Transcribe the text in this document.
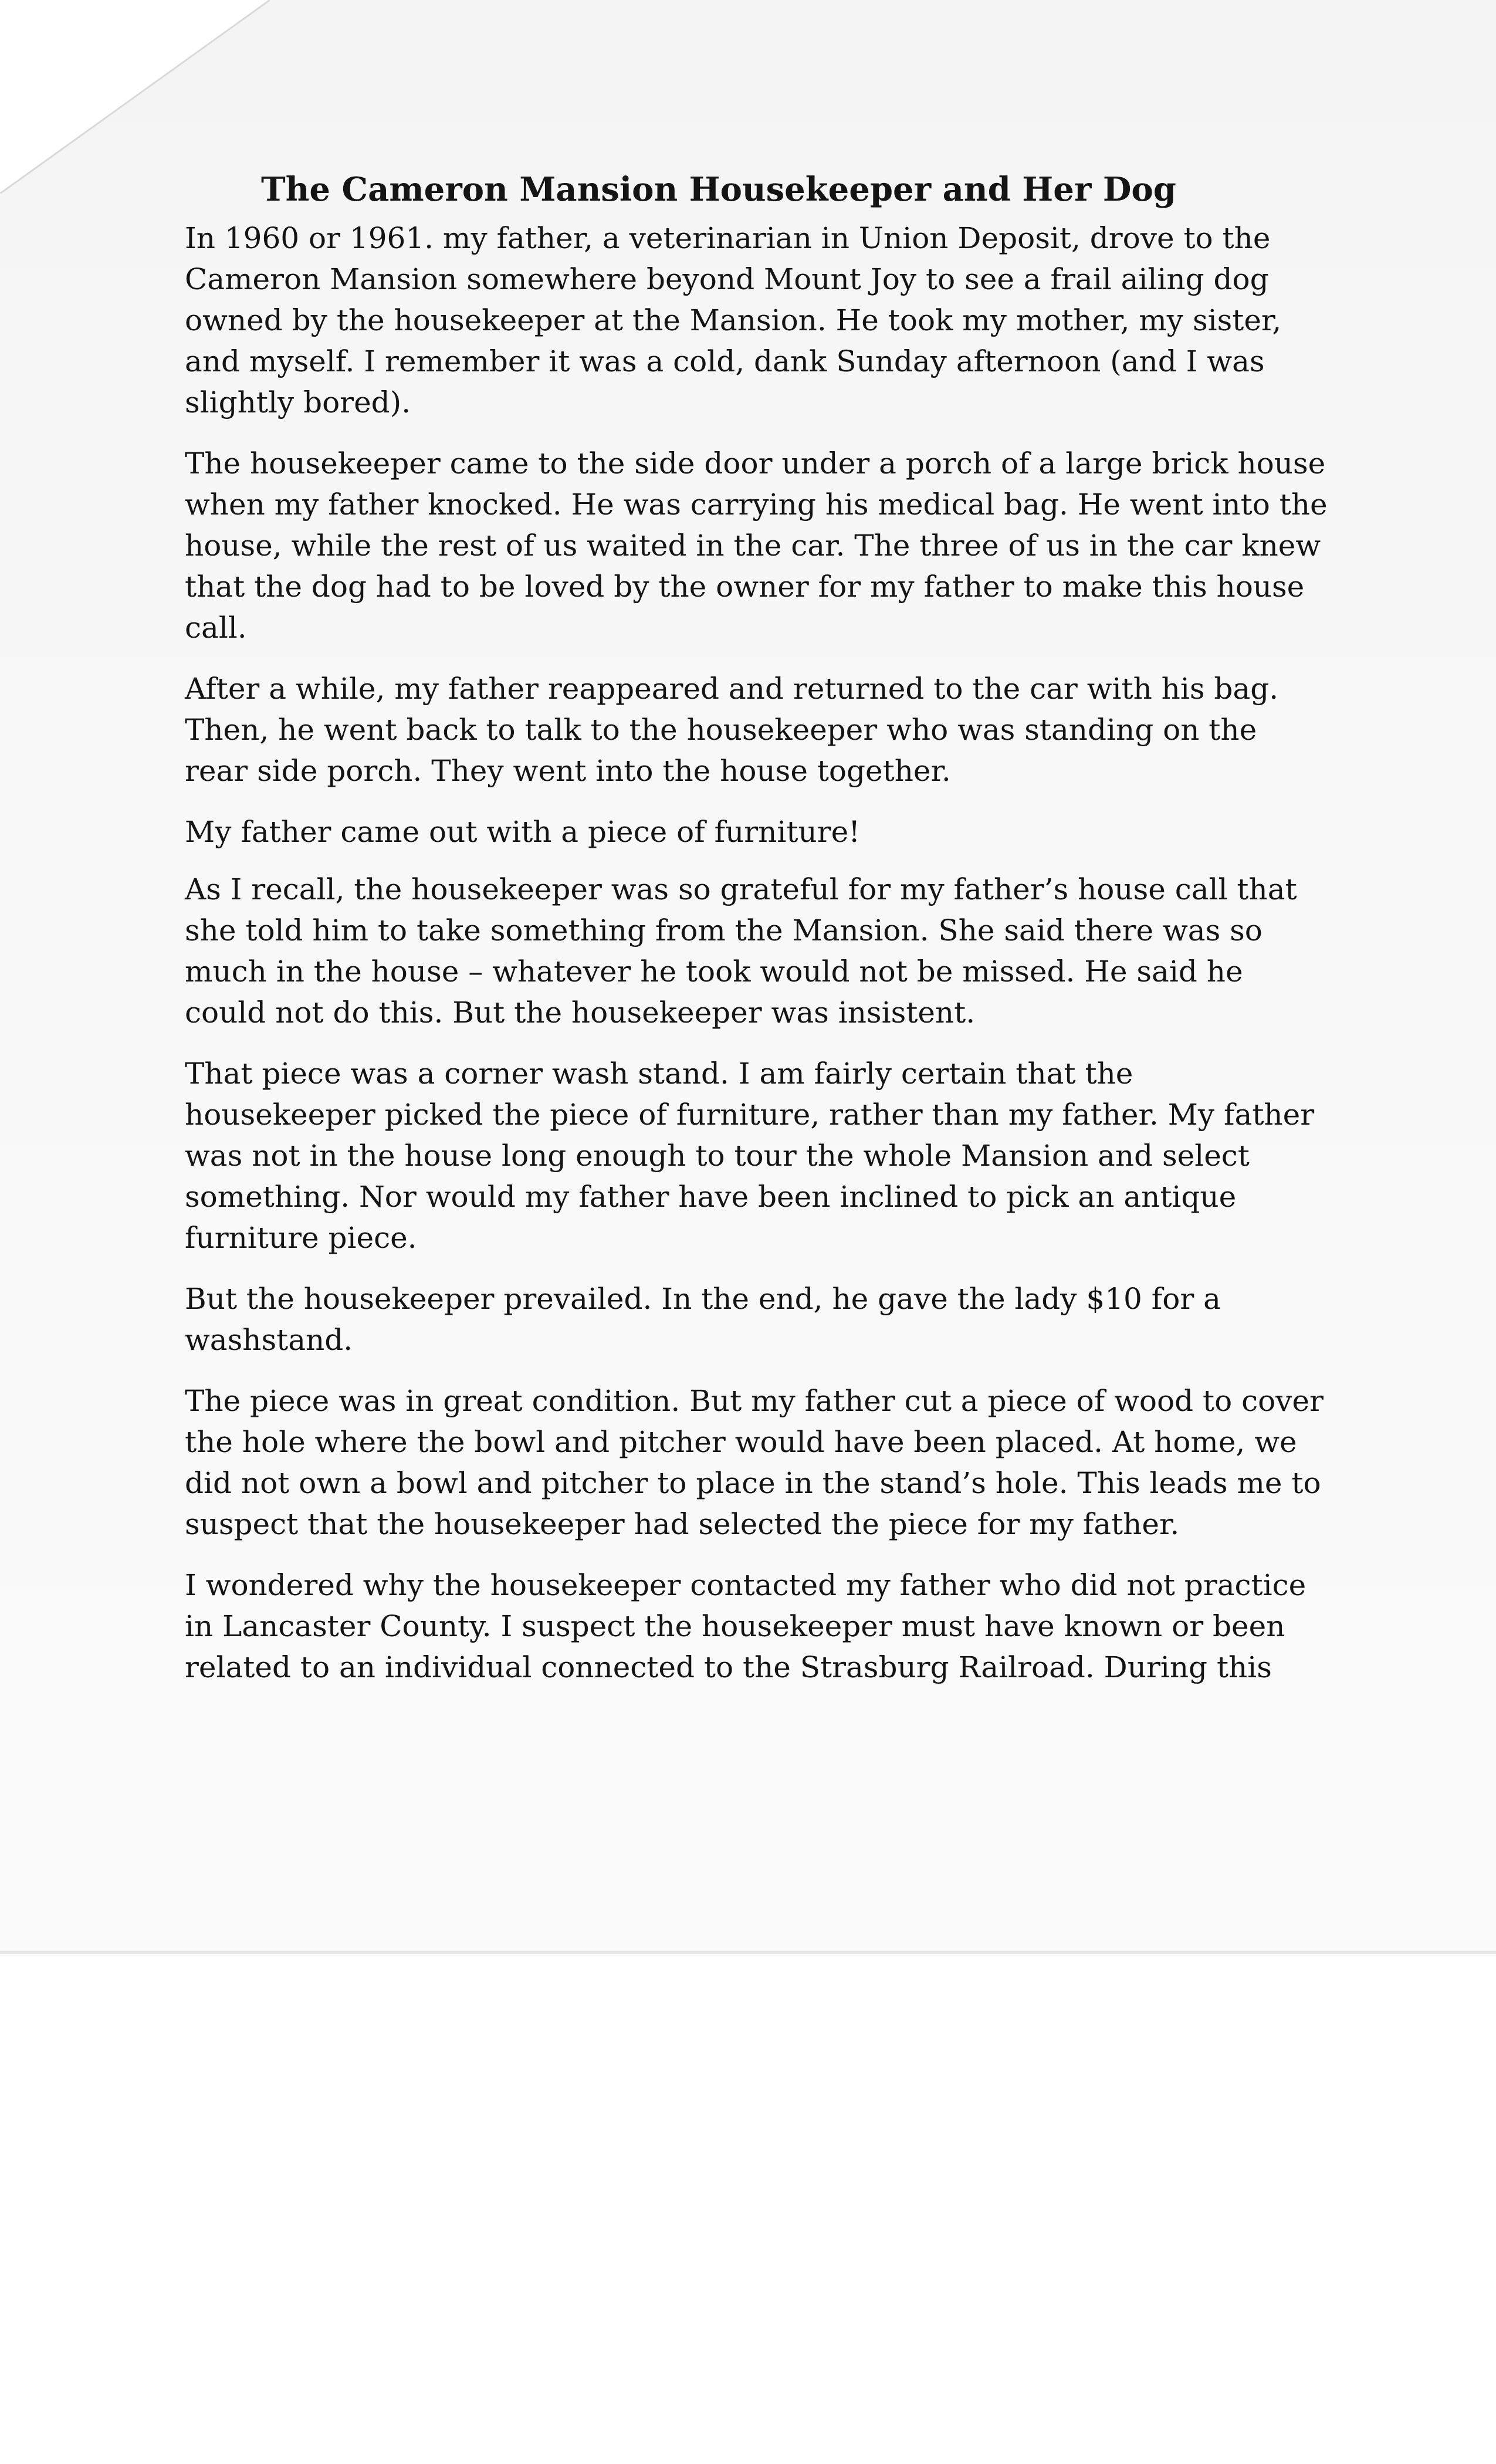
The Cameron Mansion Housekeeper and Her Dog

In 1960 or 1961. my father, a veterinarian in Union Deposit, drove to the Cameron Mansion somewhere beyond Mount Joy to see a frail ailing dog owned by the housekeeper at the Mansion. He took my mother, my sister, and myself. I remember it was a cold, dank Sunday afternoon (and I was slightly bored).

The housekeeper came to the side door under a porch of a large brick house when my father knocked. He was carrying his medical bag. He went into the house, while the rest of us waited in the car. The three of us in the car knew that the dog had to be loved by the owner for my father to make this house call.

After a while, my father reappeared and returned to the car with his bag. Then, he went back to talk to the housekeeper who was standing on the rear side porch. They went into the house together.

My father came out with a piece of furniture!

As I recall, the housekeeper was so grateful for my father’s house call that she told him to take something from the Mansion. She said there was so much in the house – whatever he took would not be missed. He said he could not do this. But the housekeeper was insistent.

That piece was a corner wash stand. I am fairly certain that the housekeeper picked the piece of furniture, rather than my father. My father was not in the house long enough to tour the whole Mansion and select something. Nor would my father have been inclined to pick an antique furniture piece.

But the housekeeper prevailed. In the end, he gave the lady $10 for a washstand.

The piece was in great condition. But my father cut a piece of wood to cover the hole where the bowl and pitcher would have been placed. At home, we did not own a bowl and pitcher to place in the stand’s hole. This leads me to suspect that the housekeeper had selected the piece for my father.

I wondered why the housekeeper contacted my father who did not practice in Lancaster County. I suspect the housekeeper must have known or been related to an individual connected to the Strasburg Railroad. During this
